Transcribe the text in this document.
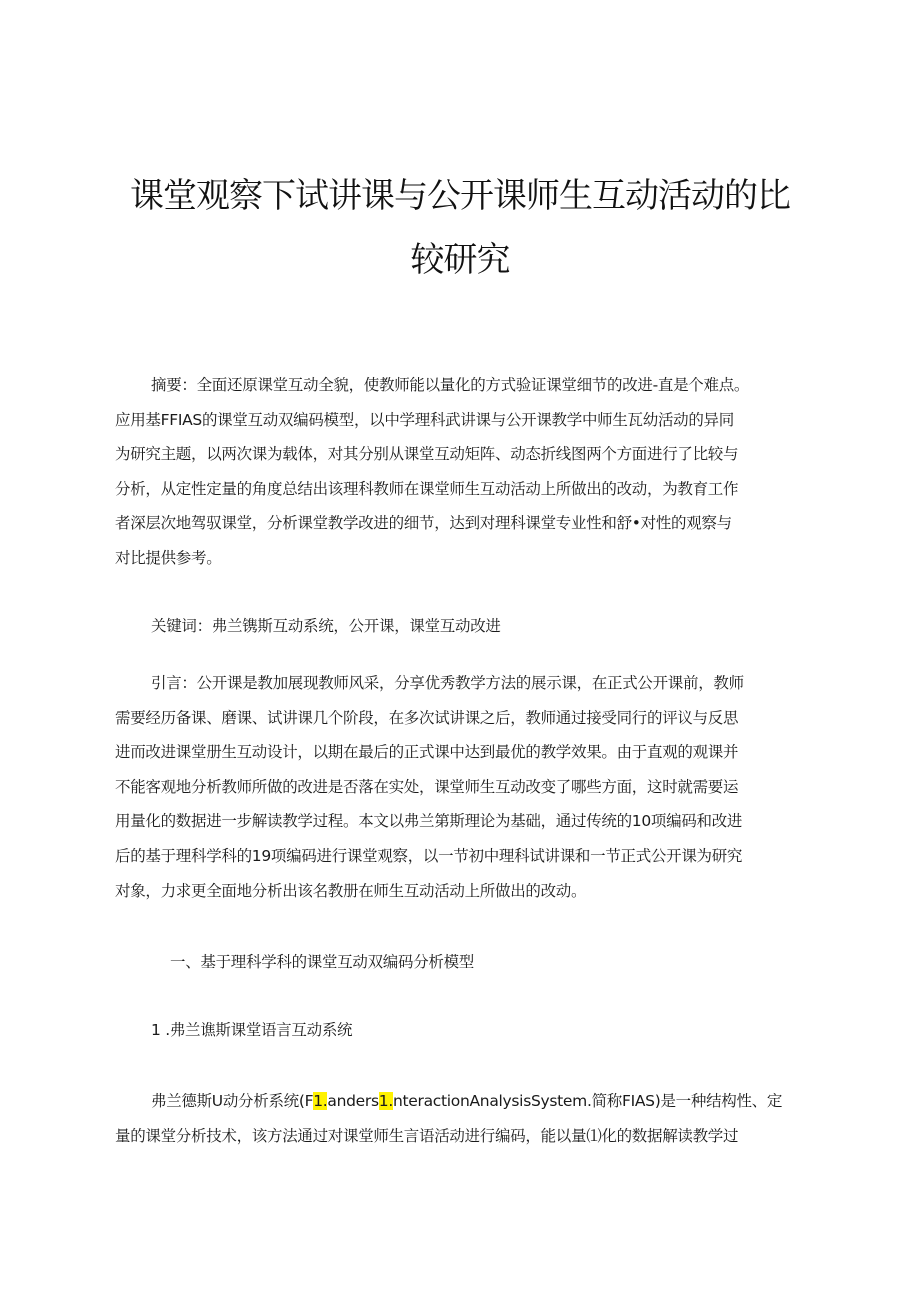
课堂观察下试讲课与公开课师生互动活动的比
较研究
摘要：全面还原课堂互动全貌，使教师能以量化的方式验证课堂细节的改进-直是个难点。
应用基FFIAS的课堂互动双编码模型，以中学理科武讲课与公开课教学中师生瓦幼活动的异同
为研究主题，以两次课为载体，对其分别从课堂互动矩阵、动态折线图两个方面进行了比较与
分析，从定性定量的角度总结出该理科教师在课堂师生互动活动上所做出的改动，为教育工作
者深层次地驾驭课堂，分析课堂教学改进的细节，达到对理科课堂专业性和舒•对性的观察与
对比提供参考。
关键词：弗兰镌斯互动系统，公开课，课堂互动改进
引言：公开课是教加展现教师风采，分享优秀教学方法的展示课，在正式公开课前，教师
需要经历备课、磨课、试讲课几个阶段，在多次试讲课之后，教师通过接受同行的评议与反思
进而改进课堂册生互动设计，以期在最后的正式课中达到最优的教学效果。由于直观的观课并
不能客观地分析教师所做的改进是否落在实处，课堂师生互动改变了哪些方面，这时就需要运
用量化的数据进一步解读教学过程。本文以弗兰第斯理论为基础，通过传统的10项编码和改进
后的基于理科学科的19项编码进行课堂观察，以一节初中理科试讲课和一节正式公开课为研究
对象，力求更全面地分析出该名教册在师生互动活动上所做出的改动。
一、基于理科学科的课堂互动双编码分析模型
1 .弗兰谯斯课堂语言互动系统
弗兰德斯U动分析系统(F1.anders1.nteractionAna​lysisSystem.简称FIAS)是一种结构性、定
量的课堂分析技术，该方法通过对课堂师生言语活动进行编码，能以量⑴化的数据解读教学过
